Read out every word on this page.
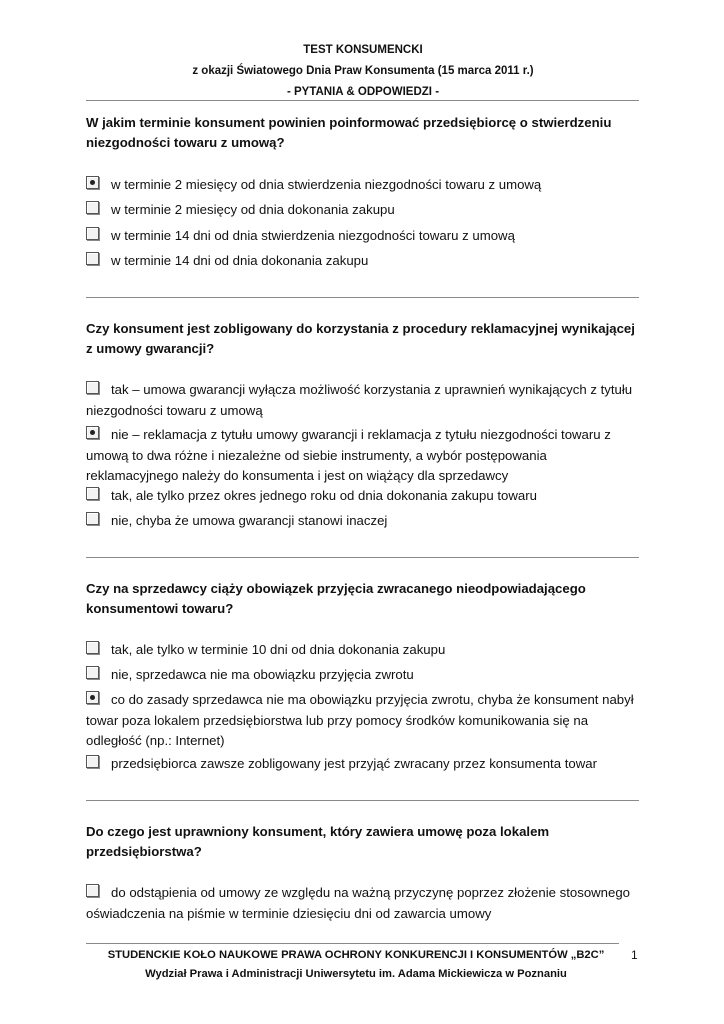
TEST KONSUMENCKI
z okazji Światowego Dnia Praw Konsumenta (15 marca 2011 r.)
- PYTANIA & ODPOWIEDZI -
W jakim terminie konsument powinien poinformować przedsiębiorcę o stwierdzeniu niezgodności towaru z umową?
w terminie 2 miesięcy od dnia stwierdzenia niezgodności towaru z umową
w terminie 2 miesięcy od dnia dokonania zakupu
w terminie 14 dni od dnia stwierdzenia niezgodności towaru z umową
w terminie 14 dni od dnia dokonania zakupu
Czy konsument jest zobligowany do korzystania z procedury reklamacyjnej wynikającej z umowy gwarancji?
tak – umowa gwarancji wyłącza możliwość korzystania z uprawnień wynikających z tytułu niezgodności towaru z umową
nie – reklamacja z tytułu umowy gwarancji i reklamacja z tytułu niezgodności towaru z umową to dwa różne i niezależne od siebie instrumenty, a wybór postępowania reklamacyjnego należy do konsumenta i jest on wiążący dla sprzedawcy
tak, ale tylko przez okres jednego roku od dnia dokonania zakupu towaru
nie, chyba że umowa gwarancji stanowi inaczej
Czy na sprzedawcy ciąży obowiązek przyjęcia zwracanego nieodpowiadającego konsumentowi towaru?
tak, ale tylko w terminie 10 dni od dnia dokonania zakupu
nie, sprzedawca nie ma obowiązku przyjęcia zwrotu
co do zasady sprzedawca nie ma obowiązku przyjęcia zwrotu, chyba że konsument nabył towar poza lokalem przedsiębiorstwa lub przy pomocy środków komunikowania się na odległość (np.: Internet)
przedsiębiorca zawsze zobligowany jest przyjąć zwracany przez konsumenta towar
Do czego jest uprawniony konsument, który zawiera umowę poza lokalem przedsiębiorstwa?
do odstąpienia od umowy ze względu na ważną przyczynę poprzez złożenie stosownego oświadczenia na piśmie w terminie dziesięciu dni od zawarcia umowy
STUDENCKIE KOŁO NAUKOWE PRAWA OCHRONY KONKURENCJI I KONSUMENTÓW „B2C”
Wydział Prawa i Administracji Uniwersytetu im. Adama Mickiewicza w Poznaniu
1
